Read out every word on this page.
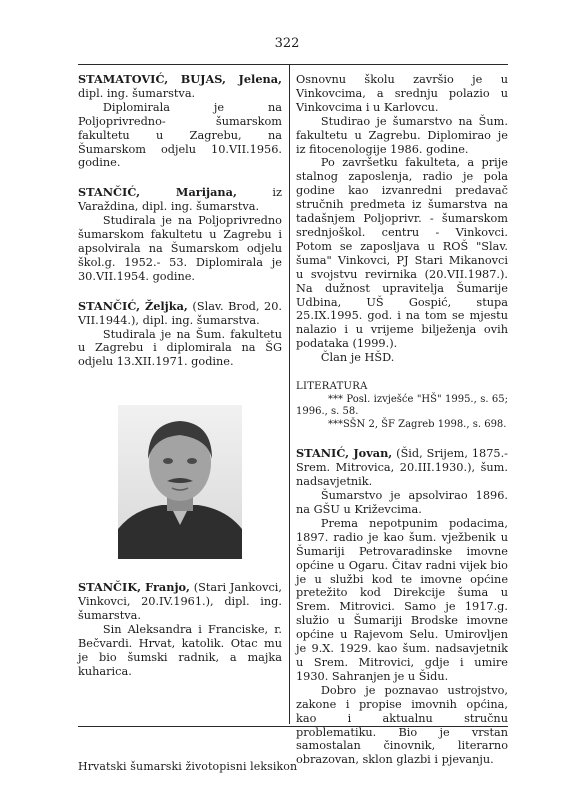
322

STAMATOVIĆ, BUJAS, Jelena, dipl. ing. šumarstva.

Diplomirala je na Poljoprivredno- šumarskom fakultetu u Zagrebu, na Šumarskom odjelu 10.VII.1956. godine.

STANČIĆ, Marijana, iz Varaždina, dipl. ing. šumarstva.

Studirala je na Poljoprivredno šumarskom fakultetu u Zagrebu i apsolvirala na Šumarskom odjelu škol.g. 1952.- 53. Diplomirala je 30.VII.1954. godine.

STANČIĆ, Željka, (Slav. Brod, 20. VII.1944.), dipl. ing. šumarstva.

Studirala je na Šum. fakultetu u Zagrebu i diplomirala na ŠG odjelu 13.XII.1971. godine.

STANČIK, Franjo, (Stari Jankovci, Vinkovci, 20.IV.1961.), dipl. ing. šumarstva.

Sin Aleksandra i Franciske, r. Bečvardi. Hrvat, katolik. Otac mu je bio šumski radnik, a majka kuharica.

Osnovnu školu završio je u Vinkovcima, a srednju polazio u Vinkovcima i u Karlovcu.

Studirao je šumarstvo na Šum. fakultetu u Zagrebu. Diplomirao je iz fitocenologije 1986. godine.

Po završetku fakulteta, a prije stalnog zaposlenja, radio je pola godine kao izvanredni predavač stručnih predmeta iz šumarstva na tadašnjem Poljoprivr. - šumarskom srednjoškol. centru - Vinkovci. Potom se zaposljava u ROŠ "Slav. šuma" Vinkovci, PJ Stari Mikanovci u svojstvu revirnika (20.VII.1987.). Na dužnost upravitelja Šumarije Udbina, UŠ Gospić, stupa 25.IX.1995. god. i na tom se mjestu nalazio i u vrijeme bilježenja ovih podataka (1999.).

Član je HŠD.

LITERATURA
*** Posl. izvješće "HŠ" 1995., s. 65; 1996., s. 58.
***SŠN 2, ŠF Zagreb 1998., s. 698.

STANIĆ, Jovan, (Šid, Srijem, 1875.- Srem. Mitrovica, 20.III.1930.), šum. nadsavjetnik.

Šumarstvo je apsolvirao 1896. na GŠU u Križevcima.

Prema nepotpunim podacima, 1897. radio je kao šum. vježbenik u Šumariji Petrovaradinske imovne općine u Ogaru. Čitav radni vijek bio je u službi kod te imovne općine pretežito kod Direkcije šuma u Srem. Mitrovici. Samo je 1917.g. služio u Šumariji Brodske imovne općine u Rajevom Selu. Umirovljen je 9.X. 1929. kao šum. nadsavjetnik u Srem. Mitrovici, gdje i umire 1930. Sahranjen je u Šidu.

Dobro je poznavao ustrojstvo, zakone i propise imovnih općina, kao i aktualnu stručnu problematiku. Bio je vrstan samostalan činovnik, literarno obrazovan, sklon glazbi i pjevanju.

Hrvatski šumarski životopisni leksikon
